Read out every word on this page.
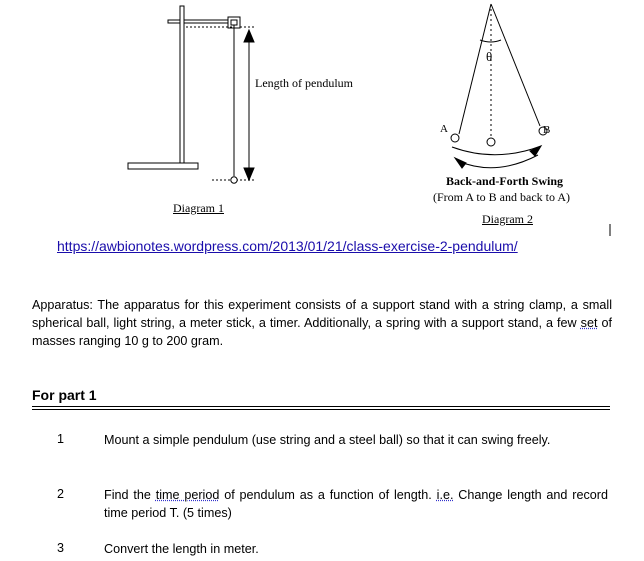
Length of pendulum
Diagram 1
θ
A	B
Back-and-Forth Swing
(From A to B and back to A)
Diagram 2
https://awbionotes.wordpress.com/2013/01/21/class-exercise-2-pendulum/
Apparatus: The apparatus for this experiment consists of a support stand with a string clamp, a small spherical ball, light string, a meter stick, a timer. Additionally, a spring with a support stand, a few set of masses ranging 10 g to 200 gram.
For part 1
1	Mount a simple pendulum (use string and a steel ball) so that it can swing freely.
2	Find the time period of pendulum as a function of length. i.e. Change length and record time period T. (5 times)
3	Convert the length in meter.
